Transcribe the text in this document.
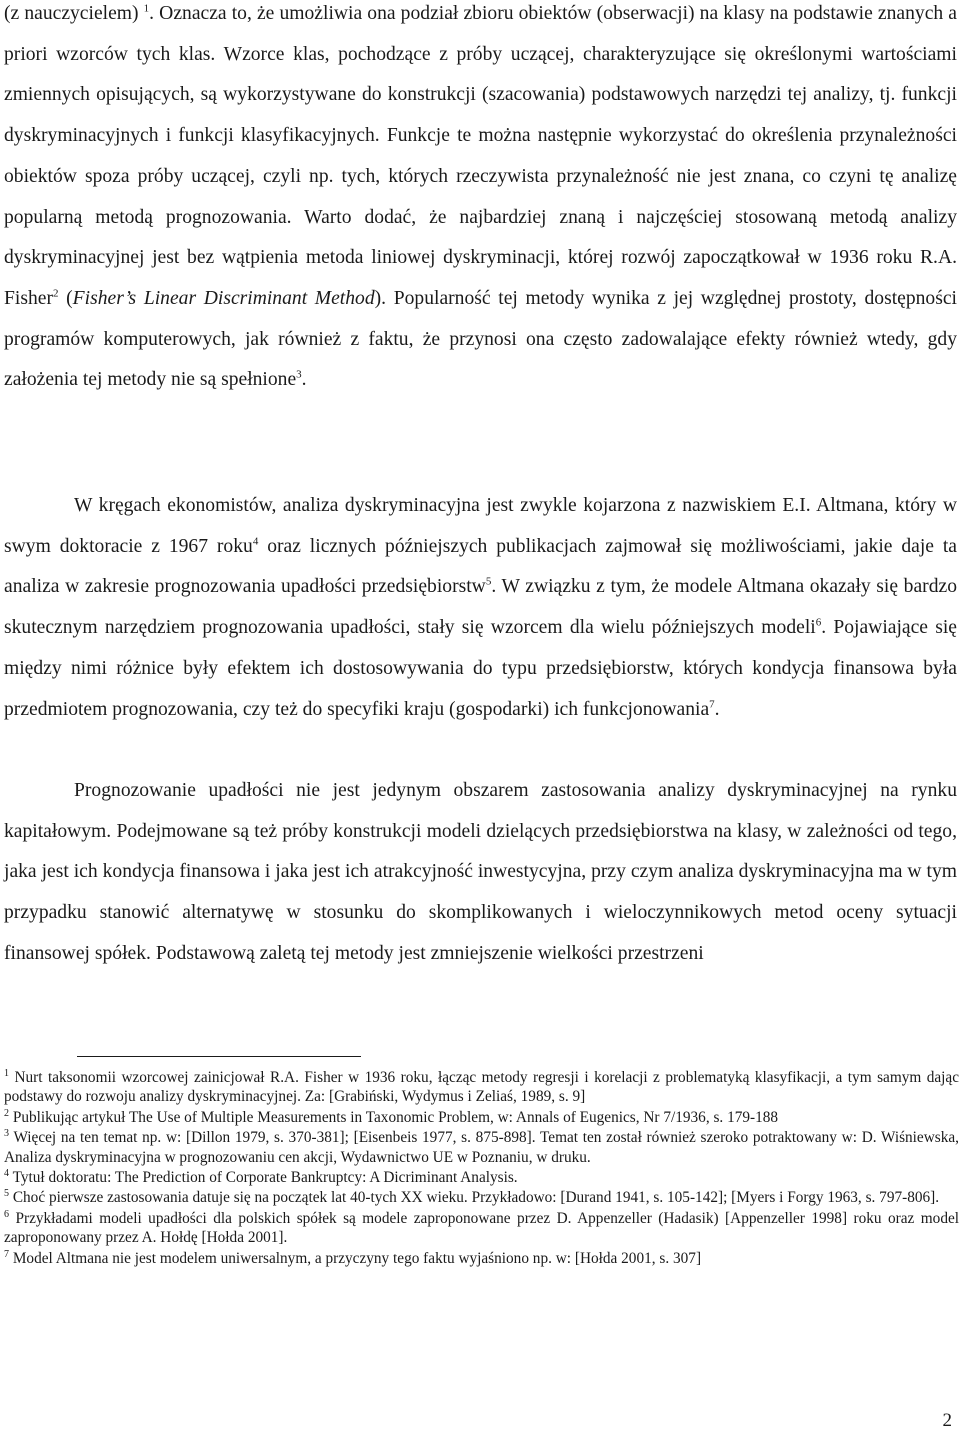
(z nauczycielem) $^1$. Oznacza to, że umożliwia ona podział zbioru obiektów (obserwacji) na klasy na podstawie znanych a priori wzorców tych klas. Wzorce klas, pochodzące z próby uczącej, charakteryzujące się określonymi wartościami zmiennych opisujących, są wykorzystywane do konstrukcji (szacowania) podstawowych narzędzi tej analizy, tj. funkcji dyskryminacyjnych i funkcji klasyfikacyjnych. Funkcje te można następnie wykorzystać do określenia przynależności obiektów spoza próby uczącej, czyli np. tych, których rzeczywista przynależność nie jest znana, co czyni tę analizę popularną metodą prognozowania. Warto dodać, że najbardziej znaną i najczęściej stosowaną metodą analizy dyskryminacyjnej jest bez wątpienia metoda liniowej dyskryminacji, której rozwój zapoczątkował w 1936 roku R.A. Fisher$^2$ (Fisher’s Linear Discriminant Method). Popularność tej metody wynika z jej względnej prostoty, dostępności programów komputerowych, jak również z faktu, że przynosi ona często zadowalające efekty również wtedy, gdy założenia tej metody nie są spełnione$^3$.

W kręgach ekonomistów, analiza dyskryminacyjna jest zwykle kojarzona z nazwiskiem E.I. Altmana, który w swym doktoracie z 1967 roku$^4$ oraz licznych późniejszych publikacjach zajmował się możliwościami, jakie daje ta analiza w zakresie prognozowania upadłości przedsiębiorstw$^5$. W związku z tym, że modele Altmana okazały się bardzo skutecznym narzędziem prognozowania upadłości, stały się wzorcem dla wielu późniejszych modeli$^6$. Pojawiające się między nimi różnice były efektem ich dostosowywania do typu przedsiębiorstw, których kondycja finansowa była przedmiotem prognozowania, czy też do specyfiki kraju (gospodarki) ich funkcjonowania$^7$.

Prognozowanie upadłości nie jest jedynym obszarem zastosowania analizy dyskryminacyjnej na rynku kapitałowym. Podejmowane są też próby konstrukcji modeli dzielących przedsiębiorstwa na klasy, w zależności od tego, jaka jest ich kondycja finansowa i jaka jest ich atrakcyjność inwestycyjna, przy czym analiza dyskryminacyjna ma w tym przypadku stanowić alternatywę w stosunku do skomplikowanych i wieloczynnikowych metod oceny sytuacji finansowej spółek. Podstawową zaletą tej metody jest zmniejszenie wielkości przestrzeni

$^1$ Nurt taksonomii wzorcowej zainicjował R.A. Fisher w 1936 roku, łącząc metody regresji i korelacji z problematyką klasyfikacji, a tym samym dając podstawy do rozwoju analizy dyskryminacyjnej. Za: [Grabiński, Wydymus i Zeliaś, 1989, s. 9]

$^2$ Publikując artykuł The Use of Multiple Measurements in Taxonomic Problem, w: Annals of Eugenics, Nr 7/1936, s. 179-188

$^3$ Więcej na ten temat np. w: [Dillon 1979, s. 370-381]; [Eisenbeis 1977, s. 875-898]. Temat ten został również szeroko potraktowany w: D. Wiśniewska, Analiza dyskryminacyjna w prognozowaniu cen akcji, Wydawnictwo UE w Poznaniu, w druku.

$^4$ Tytuł doktoratu: The Prediction of Corporate Bankruptcy: A Dicriminant Analysis.

$^5$ Choć pierwsze zastosowania datuje się na początek lat 40-tych XX wieku. Przykładowo: [Durand 1941, s. 105-142]; [Myers i Forgy 1963, s. 797-806].

$^6$ Przykładami modeli upadłości dla polskich spółek są modele zaproponowane przez D. Appenzeller (Hadasik) [Appenzeller 1998] roku oraz model zaproponowany przez A. Hołdę [Hołda 2001].

$^7$ Model Altmana nie jest modelem uniwersalnym, a przyczyny tego faktu wyjaśniono np. w: [Hołda 2001, s. 307]

2
